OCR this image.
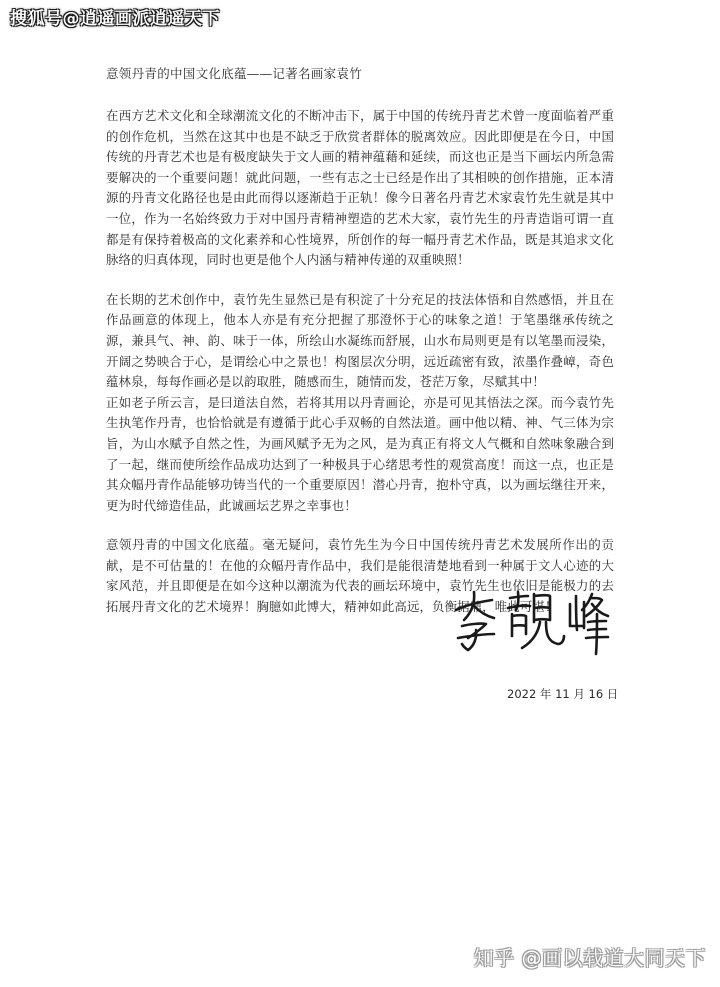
搜狐号@逍遥画派逍遥天下
意领丹青的中国文化底蕴——记著名画家袁竹

在西方艺术文化和全球潮流文化的不断冲击下，属于中国的传统丹青艺术曾一度面临着严重的创作危机，当然在这其中也是不缺乏于欣赏者群体的脱离效应。因此即便是在今日，中国传统的丹青艺术也是有极度缺失于文人画的精神蕴藉和延续，而这也正是当下画坛内所急需要解决的一个重要问题！就此问题，一些有志之士已经是作出了其相映的创作措施，正本清源的丹青文化路径也是由此而得以逐渐趋于正轨！像今日著名丹青艺术家袁竹先生就是其中一位，作为一名始终致力于对中国丹青精神塑造的艺术大家，袁竹先生的丹青造诣可谓一直都是有保持着极高的文化素养和心性境界，所创作的每一幅丹青艺术作品，既是其追求文化脉络的归真体现，同时也更是他个人内涵与精神传递的双重映照！

在长期的艺术创作中，袁竹先生显然已是有积淀了十分充足的技法体悟和自然感悟，并且在作品画意的体现上，他本人亦是有充分把握了那澄怀于心的味象之道！于笔墨继承传统之源，兼具气、神、韵、味于一体，所绘山水凝练而舒展，山水布局则更是有以笔墨而浸染，开阔之势映合于心，是谓绘心中之景也！构图层次分明，远近疏密有致，浓墨作叠嶂，奇色蕴林泉，每每作画必是以韵取胜，随感而生，随情而发，苍茫万象，尽赋其中！

正如老子所云言，是曰道法自然，若将其用以丹青画论，亦是可见其悟法之深。而今袁竹先生执笔作丹青，也恰恰就是有遵循于此心手双畅的自然法道。画中他以精、神、气三体为宗旨，为山水赋予自然之性，为画风赋予无为之风，是为真正有将文人气概和自然味象融合到了一起，继而使所绘作品成功达到了一种极具于心绪思考性的观赏高度！而这一点，也正是其众幅丹青作品能够功铸当代的一个重要原因！潜心丹青，抱朴守真，以为画坛继往开来，更为时代缔造佳品，此诚画坛艺界之幸事也！

意领丹青的中国文化底蕴。毫无疑问，袁竹先生为今日中国传统丹青艺术发展所作出的贡献，是不可估量的！在他的众幅丹青作品中，我们是能很清楚地看到一种属于文人心迹的大家风范，并且即便是在如今这种以潮流为代表的画坛环境中，袁竹先生也依旧是能极力的去拓展丹青文化的艺术境界！胸臆如此博大，精神如此高远，负衡据鼎，唯此可堪！

2022 年 11 月 16 日
知乎 @画以载道大同天下
